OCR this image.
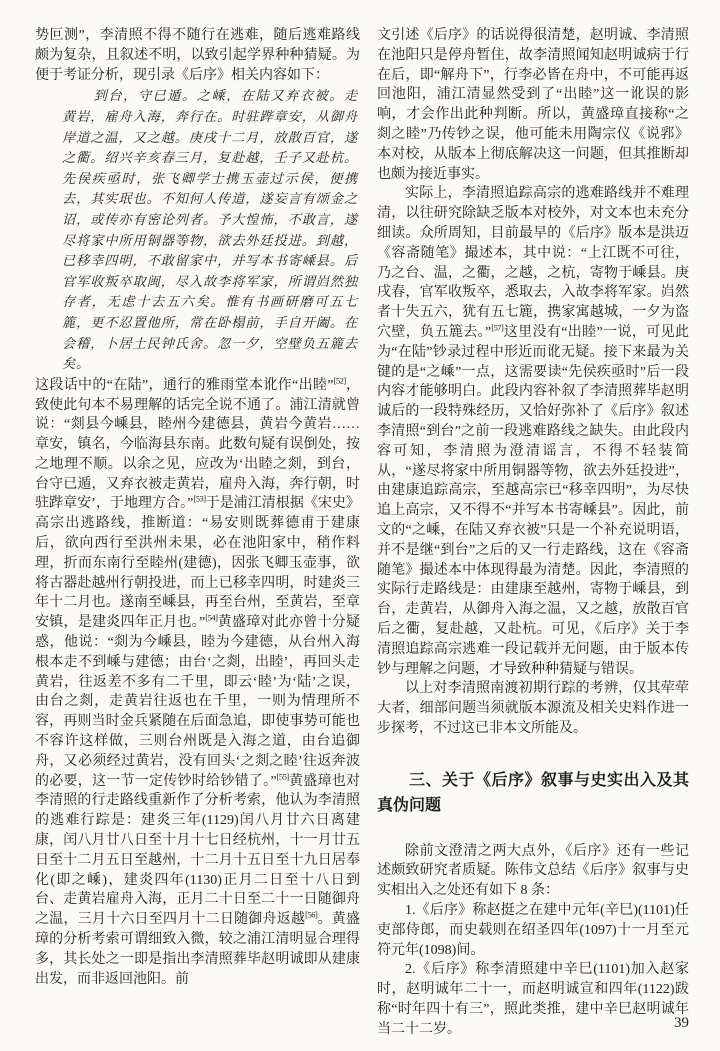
势叵测”，李清照不得不随行在逃难，随后逃难路线颇为复杂，且叙述不明，以致引起学界种种猜疑。为便于考证分析，现引录《后序》相关内容如下：

到台，守已遁。之嵊，在陆又弃衣被。走黄岩，雇舟入海，奔行在。时驻跸章安，从御舟岸道之温，又之越。庚戌十二月，放散百官，遂之衢。绍兴辛亥春三月，复赴越，壬子又赴杭。先侯疾亟时，张飞卿学士携玉壶过示侯，便携去，其实珉也。不知何人传道，遂妄言有颂金之诏，或传亦有密论列者。予大惶怖，不敢言，遂尽将家中所用铜器等物，欲去外廷投进。到越，已移幸四明，不敢留家中，并写本书寄嵊县。后官军收叛卒取闽，尽入故李将军家，所谓岿然独存者，无虑十去五六矣。惟有书画研磨可五七簏，更不忍置他所，常在卧榻前，手自开阖。在会稽，卜居土民钟氏舍。忽一夕，空壁负五簏去矣。

这段话中的“在陆”，通行的雅雨堂本讹作“出睦”[52]，致使此句本不易理解的话完全说不通了。浦江清就曾说：“剡县今嵊县，睦州今建德县，黄岩今黄岩……章安，镇名，今临海县东南。此数句疑有误倒处，按之地理不顺。以余之见，应改为‘出睦之剡，到台，台守已遁，又弃衣被走黄岩，雇舟入海，奔行朝，时驻跸章安’，于地理方合。”[53]于是浦江清根据《宋史》高宗出逃路线，推断道：“易安则既葬德甫于建康后，欲向西行至洪州未果，必在池阳家中，稍作料理，折而东南行至睦州(建德)，因张飞卿玉壶事，欲将古器赴越州行朝投进，而上已移幸四明，时建炎三年十二月也。遂南至嵊县，再至台州，至黄岩，至章安镇，是建炎四年正月也。”[54]黄盛璋对此亦曾十分疑惑，他说：“剡为今嵊县，睦为今建德，从台州入海根本走不到嵊与建德；由台‘之剡，出睦’，再回头走黄岩，往返差不多有二千里，即云‘睦’为‘陆’之误，由台之剡，走黄岩往返也在千里，一则为情理所不容，再则当时金兵紧随在后面急追，即使事势可能也不容许这样做，三则台州既是入海之道，由台追御舟，又必须经过黄岩，没有回头‘之剡之睦’往返奔波的必要，这一节一定传钞时给钞错了。”[55]黄盛璋也对李清照的行走路线重新作了分析考索，他认为李清照的逃难行踪是：建炎三年(1129)闰八月廿六日离建康，闰八月廿八日至十月十七日经杭州，十一月廿五日至十二月五日至越州，十二月十五日至十九日居奉化(即之嵊)，建炎四年(1130)正月二日至十八日到台、走黄岩雇舟入海，正月二十日至二十一日随御舟之温，三月十六日至四月十二日随御舟返越[56]。黄盛璋的分析考索可谓细致入微，较之浦江清明显合理得多，其长处之一即是指出李清照葬毕赵明诚即从建康出发，而非返回池阳。前

文引述《后序》的话说得很清楚，赵明诚、李清照在池阳只是停舟暂住，故李清照闻知赵明诚病于行在后，即“解舟下”，行李必皆在舟中，不可能再返回池阳，浦江清显然受到了“出睦”这一讹误的影响，才会作出此种判断。所以，黄盛璋直接称“之剡之睦”乃传钞之误，他可能未用陶宗仪《说郛》本对校，从版本上彻底解决这一问题，但其推断却也颇为接近事实。

实际上，李清照追踪高宗的逃难路线并不难理清，以往研究除缺乏版本对校外，对文本也未充分细读。众所周知，目前最早的《后序》版本是洪迈《容斋随笔》撮述本，其中说：“上江既不可往，乃之台、温，之衢，之越，之杭，寄物于嵊县。庚戌春，官军收叛卒，悉取去，入故李将军家。岿然者十失五六，犹有五七簏，携家寓越城，一夕为盗穴壁，负五簏去。”[57]这里没有“出睦”一说，可见此为“在陆”钞录过程中形近而讹无疑。接下来最为关键的是“之嵊”一点，这需要读“先侯疾亟时”后一段内容才能够明白。此段内容补叙了李清照葬毕赵明诚后的一段特殊经历，又恰好弥补了《后序》叙述李清照“到台”之前一段逃难路线之缺失。由此段内容可知，李清照为澄清谣言，不得不轻装简从，“遂尽将家中所用铜器等物，欲去外廷投进”，由建康追踪高宗，至越高宗已“移幸四明”，为尽快追上高宗，又不得不“并写本书寄嵊县”。因此，前文的“之嵊，在陆又弃衣被”只是一个补充说明语，并不是继“到台”之后的又一行走路线，这在《容斋随笔》撮述本中体现得最为清楚。因此，李清照的实际行走路线是：由建康至越州，寄物于嵊县，到台，走黄岩，从御舟入海之温，又之越，放散百官后之衢，复赴越，又赴杭。可见，《后序》关于李清照追踪高宗逃难一段记载并无问题，由于版本传钞与理解之问题，才导致种种猜疑与错误。

以上对李清照南渡初期行踪的考辨，仅其荦荦大者，细部问题当须就版本源流及相关史料作进一步探考，不过这已非本文所能及。

三、关于《后序》叙事与史实出入及其真伪问题

除前文澄清之两大点外，《后序》还有一些记述颇致研究者质疑。陈伟文总结《后序》叙事与史实相出入之处还有如下 8 条：

1.《后序》称赵挺之在建中元年(辛巳)(1101)任吏部侍郎，而史载则在绍圣四年(1097)十一月至元符元年(1098)间。

2.《后序》称李清照建中辛巳(1101)加入赵家时，赵明诚年二十一，而赵明诚宣和四年(1122)跋称“时年四十有三”，照此类推，建中辛巳赵明诚年当二十二岁。	39
